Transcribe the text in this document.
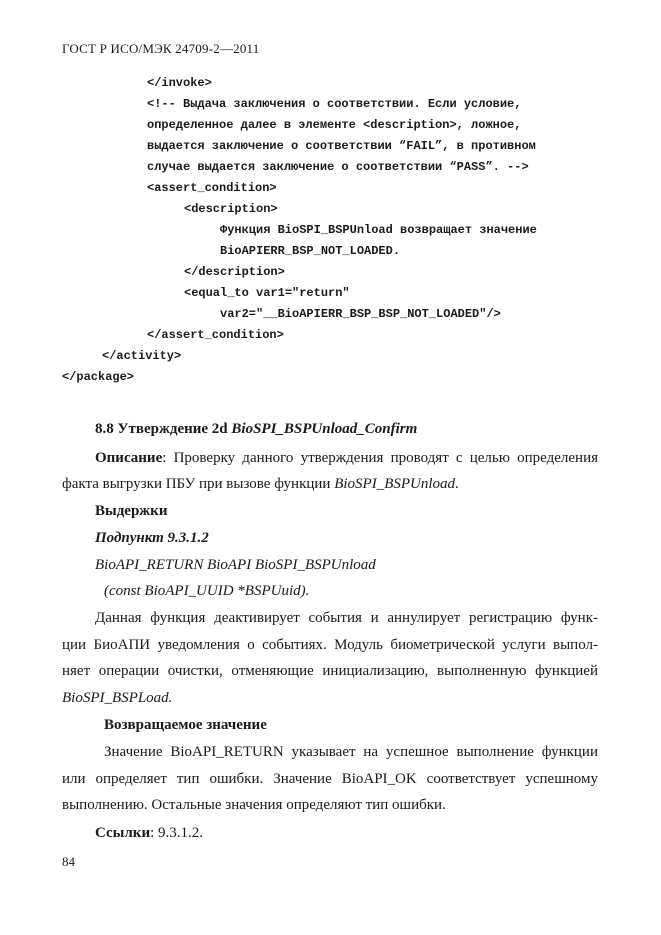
ГОСТ Р ИСО/МЭК 24709-2—2011

</invoke>

<!-- Выдача заключения о соответствии. Если условие,

определенное далее в элементе <description>, ложное,

выдается заключение о соответствии “FAIL”, в противном

случае выдается заключение о соответствии “PASS”. -->

<assert_condition>

<description>

Функция BioSPI_BSPUnload возвращает значение

BioAPIERR_BSP_NOT_LOADED.

</description>

<equal_to var1="return"

var2="__BioAPIERR_BSP_BSP_NOT_LOADED"/>

</assert_condition>

</activity>

</package>

8.8 Утверждение 2d BioSPI_BSPUnload_Confirm
Описание: Проверку данного утверждения проводят с целью определения
факта выгрузки ПБУ при вызове функции BioSPI_BSPUnload.
Выдержки
Подпункт 9.3.1.2
BioAPI_RETURN BioAPI BioSPI_BSPUnload
(const BioAPI_UUID *BSPUuid).
Данная функция деактивирует события и аннулирует регистрацию функ-
ции БиоАПИ уведомления о событиях. Модуль биометрической услуги выпол-
няет операции очистки, отменяющие инициализацию, выполненную функцией
BioSPI_BSPLoad.
Возвращаемое значение
Значение BioAPI_RETURN указывает на успешное выполнение функции
или определяет тип ошибки. Значение BioAPI_OK соответствует успешному
выполнению. Остальные значения определяют тип ошибки.
Ссылки: 9.3.1.2.
84
